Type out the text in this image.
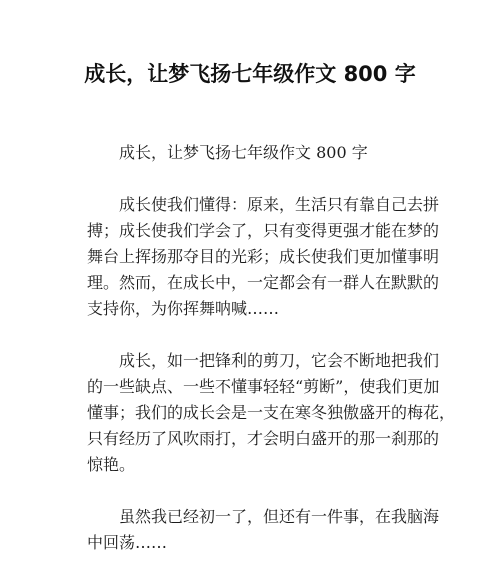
成长，让梦飞扬七年级作文 800 字

成长，让梦飞扬七年级作文 800 字

成长使我们懂得：原来，生活只有靠自己去拼
搏；成长使我们学会了，只有变得更强才能在梦的
舞台上挥扬那夺目的光彩；成长使我们更加懂事明
理。然而，在成长中，一定都会有一群人在默默的
支持你，为你挥舞呐喊……

成长，如一把锋利的剪刀，它会不断地把我们
的一些缺点、一些不懂事轻轻“剪断”，使我们更加
懂事；我们的成长会是一支在寒冬独傲盛开的梅花，
只有经历了风吹雨打，才会明白盛开的那一刹那的
惊艳。

虽然我已经初一了，但还有一件事，在我脑海
中回荡……
